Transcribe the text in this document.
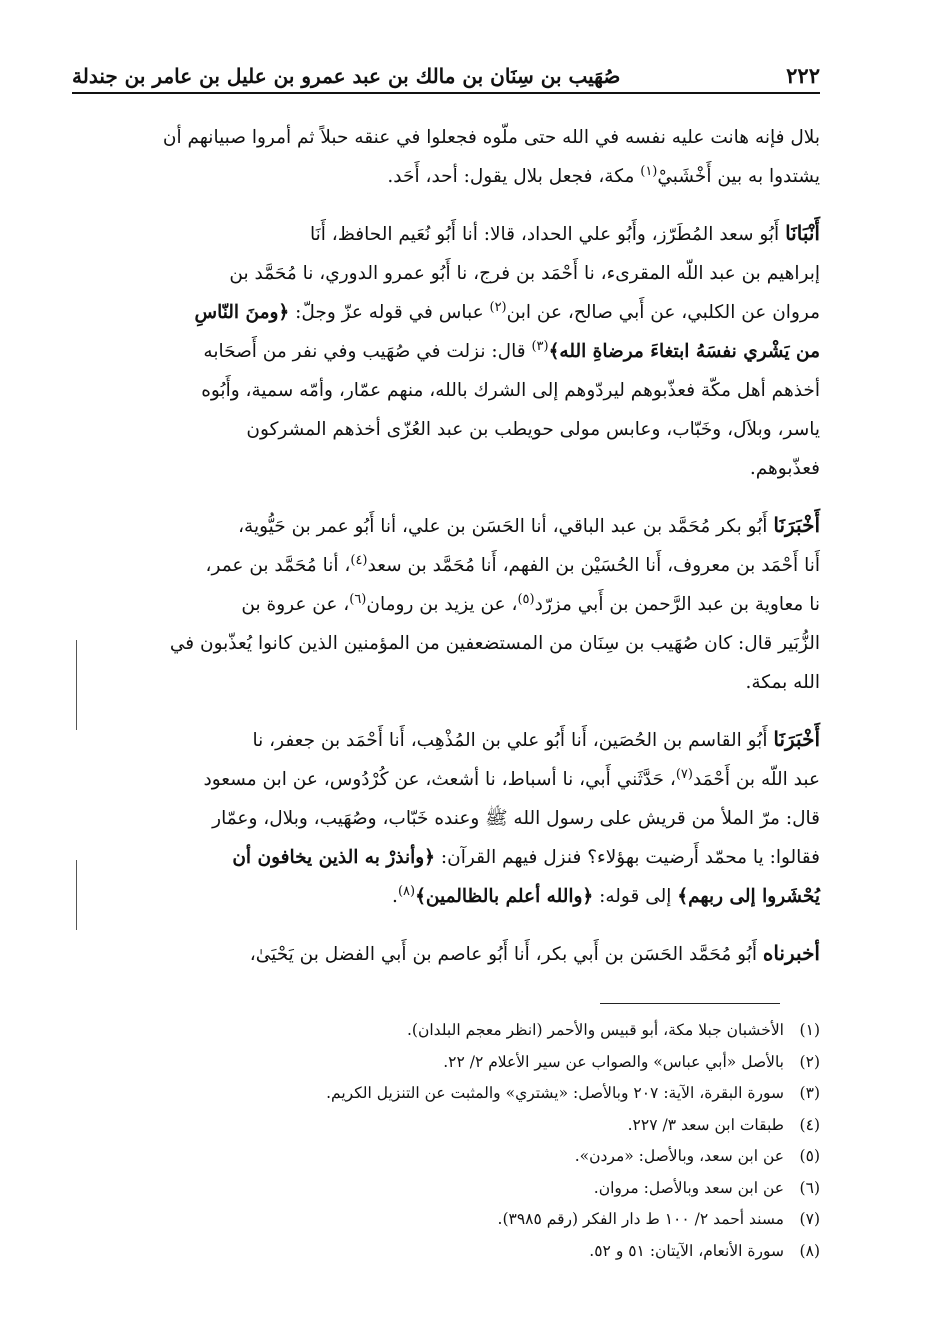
٢٢٢
صُهَيب بن سِنَان بن مالك بن عبد عمرو بن عليل بن عامر بن جندلة

بلال فإنه هانت عليه نفسه في الله حتى ملّوه فجعلوا في عنقه حبلاً ثم أمروا صبيانهم أن

يشتدوا به بين أَخْشَبيْ$^{(١)}$ مكة، فجعل بلال يقول: أحد، أَحَد.

أَنْبَانَا أَبُو سعد المُطَرّز، وأَبُو علي الحداد، قالا: أنا أَبُو نُعَيم الحافظ، أَنَا

إبراهيم بن عبد اللّه المقرىء، نا أَحْمَد بن فرج، نا أَبُو عمرو الدوري، نا مُحَمَّد بن

مروان عن الكلبي، عن أَبي صالح، عن ابن$^{(٢)}$ عباس في قوله عزّ وجلّ: ﴿ومنَ النّاسِ

من يَشْري نفسَهُ ابتغاءَ مرضاةِ الله﴾$^{(٣)}$ قال: نزلت في صُهَيب وفي نفر من أَصحَابه

أخذهم أهل مكّة فعذّبوهم ليردّوهم إلى الشرك بالله، منهم عمّار، وأمّه سمية، وأَبُوه

ياسر، وبلاَل، وخَبّاب، وعابس مولى حويطب بن عبد العُزّى أخذهم المشركون

فعذّبوهم.

أَخْبَرَنَا أَبُو بكر مُحَمَّد بن عبد الباقي، أنا الحَسَن بن علي، أنا أَبُو عمر بن حَيُّوية،

أَنا أَحْمَد بن معروف، أَنا الحُسَيْن بن الفهم، أَنا مُحَمَّد بن سعد$^{(٤)}$، أنا مُحَمَّد بن عمر،

نا معاوية بن عبد الرَّحمن بن أَبي مزرّد$^{(٥)}$، عن يزيد بن رومان$^{(٦)}$، عن عروة بن

الزُّبَير قال: كان صُهَيب بن سِنَان من المستضعفين من المؤمنين الذين كانوا يُعذّبون في

الله بمكة.

أَخْبَرَنَا أَبُو القاسم بن الحُصَين، أَنا أَبُو علي بن المُذْهِب، أَنا أَحْمَد بن جعفر، نا

عبد اللّه بن أَحْمَد$^{(٧)}$، حَدَّثَني أَبي، نا أسباط، نا أشعث، عن كُرْدُوس، عن ابن مسعود

قال: مرّ الملأ من قريش على رسول الله ﷺ وعنده خَبّاب، وصُهَيب، وبلال، وعمّار

فقالوا: يا محمّد أَرضيت بهؤلاء؟ فنزل فيهم القرآن: ﴿وأنذرْ به الذين يخافون أن

يُحْشَروا إلى ربهم﴾ إلى قوله: ﴿والله أعلم بالظالمين﴾$^{(٨)}$.

أخبرناه أَبُو مُحَمَّد الحَسَن بن أَبي بكر، أَنا أَبُو عاصم بن أَبي الفضل بن يَحْيَىٰ،

(١)
الأخشبان جبلا مكة، أبو قبيس والأحمر (انظر معجم البلدان).
(٢)
بالأصل «أبي عباس» والصواب عن سير الأعلام ٢/ ٢٢.
(٣)
سورة البقرة، الآية: ٢٠٧ وبالأصل: «يشتري» والمثبت عن التنزيل الكريم.
(٤)
طبقات ابن سعد ٣/ ٢٢٧.
(٥)
عن ابن سعد، وبالأصل: «مردن».
(٦)
عن ابن سعد وبالأصل: مروان.
(٧)
مسند أحمد ٢/ ١٠٠ ط دار الفكر (رقم ٣٩٨٥).
(٨)
سورة الأنعام، الآيتان: ٥١ و ٥٢.
